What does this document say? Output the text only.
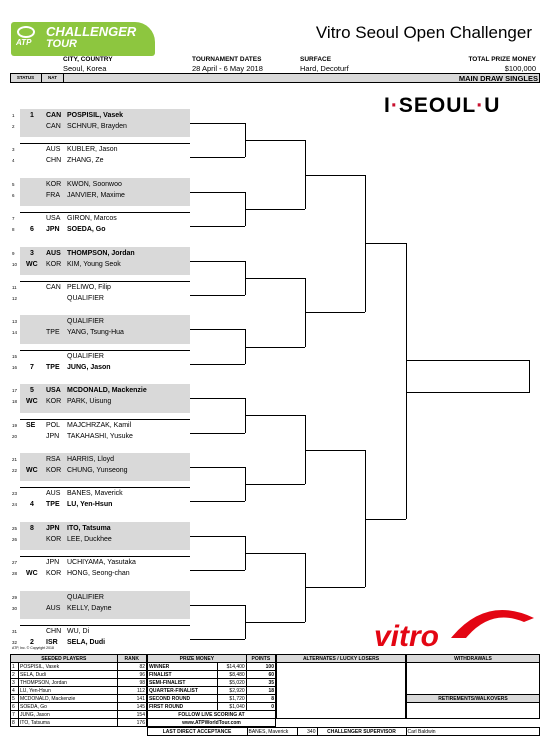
CHALLENGER
TOUR
ATP
Vitro Seoul Open Challenger
CITY, COUNTRY
Seoul, Korea
TOURNAMENT DATES
28 April - 6 May 2018
SURFACE
Hard, Decoturf
TOTAL PRIZE MONEY
$100,000
STATUS	NAT	MAIN DRAW SINGLES
I·SEOUL·U
1 1 CAN POSPISIL, Vasek
2	CAN SCHNUR, Brayden
3	AUS KUBLER, Jason
4	CHN ZHANG, Ze
5	KOR KWON, Soonwoo
6	FRA JANVIER, Maxime
7	USA GIRON, Marcos
8 6 JPN SOEDA, Go
9 3 AUS THOMPSON, Jordan
10 WC KOR KIM, Young Seok
11	CAN PELIWO, Filip
12	QUALIFIER
13	QUALIFIER
14	TPE YANG, Tsung-Hua
15	QUALIFIER
16 7 TPE JUNG, Jason
17 5 USA MCDONALD, Mackenzie
18 WC KOR PARK, Uisung
19 SE POL MAJCHRZAK, Kamil
20	JPN TAKAHASHI, Yusuke
21	RSA HARRIS, Lloyd
22 WC KOR CHUNG, Yunseong
23	AUS BANES, Maverick
24 4 TPE LU, Yen-Hsun
25 8 JPN ITO, Tatsuma
26	KOR LEE, Duckhee
27	JPN UCHIYAMA, Yasutaka
28 WC KOR HONG, Seong-chan
29	QUALIFIER
30	AUS KELLY, Dayne
31	CHN WU, Di
32 2 ISR SELA, Dudi	vitro
ATP, Inc. © Copyright 2018
SEEDED PLAYERS		RANK
1	POSPISIL, Vasek	82
2	SELA, Dudi	96
3	THOMPSON, Jordan	98
4	LU, Yen-Hsun	112
5	MCDONALD, Mackenzie	141
6	SOEDA, Go	145
7	JUNG, Jason	154
8	ITO, Tatsuma	176
PRIZE MONEY		POINTS
WINNER	$14,400	100
FINALIST	$8,480	60
SEMI-FINALIST	$5,020	35
QUARTER-FINALIST	$2,920	18
SECOND ROUND	$1,720	8
FIRST ROUND	$1,040	0
FOLLOW LIVE SCORING AT		
www.ATPWorldTour.com		
ALTERNATES / LUCKY LOSERS	WITHDRAWALS

RETIREMENTS/WALKOVERS

	LAST DIRECT ACCEPTANCE	BANES, Maverick	340	CHALLENGER SUPERVISOR	Carl Baldwin
